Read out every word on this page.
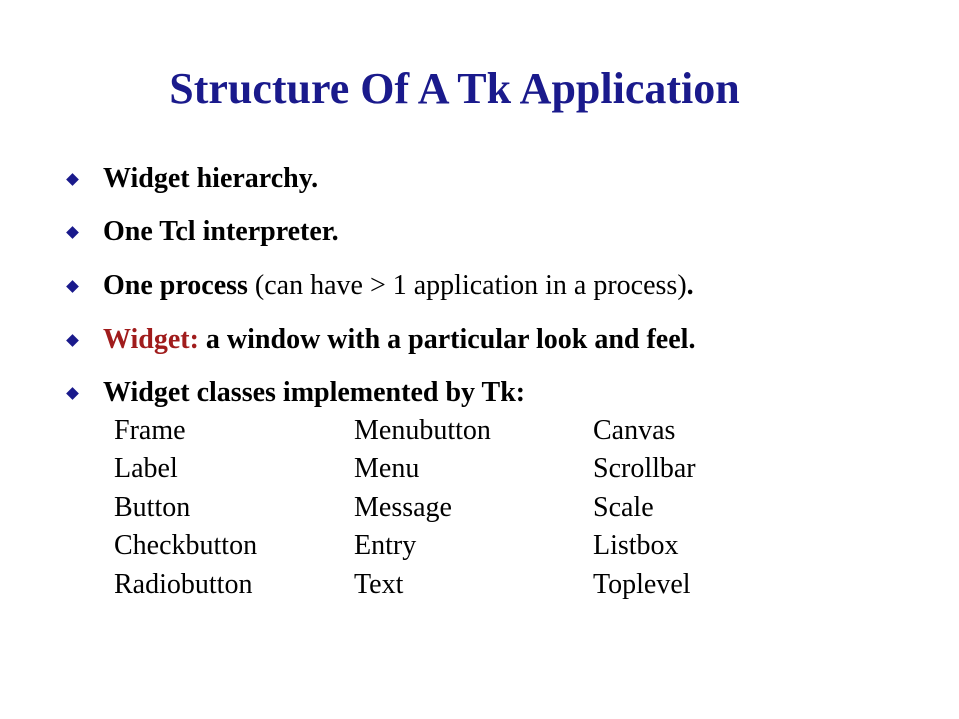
Structure Of A Tk Application
Widget hierarchy.
One Tcl interpreter.
One process (can have > 1 application in a process).
Widget: a window with a particular look and feel.
Widget classes implemented by Tk:
Frame	Menubutton	Canvas
Label	Menu	Scrollbar
Button	Message	Scale
Checkbutton	Entry	Listbox
Radiobutton	Text	Toplevel
